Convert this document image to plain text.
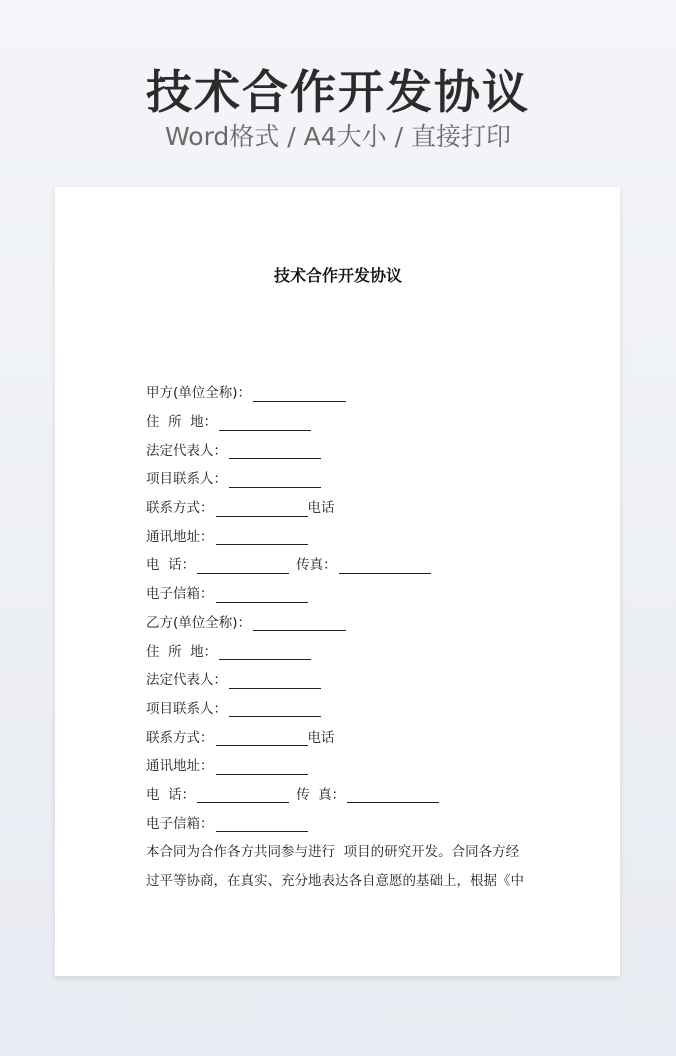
技术合作开发协议
Word格式 / A4大小 / 直接打印
技术合作开发协议
甲方(单位全称)：
住  所  地：
法定代表人：
项目联系人：
联系方式：	电话
通讯地址：
电  话：	传真：
电子信箱：
乙方(单位全称)：
住  所  地：
法定代表人：
项目联系人：
联系方式：	电话
通讯地址：
电  话：	传  真：
电子信箱：
本合同为合作各方共同参与进行  项目的研究开发。合同各方经
过平等协商，在真实、充分地表达各自意愿的基础上，根据《中
